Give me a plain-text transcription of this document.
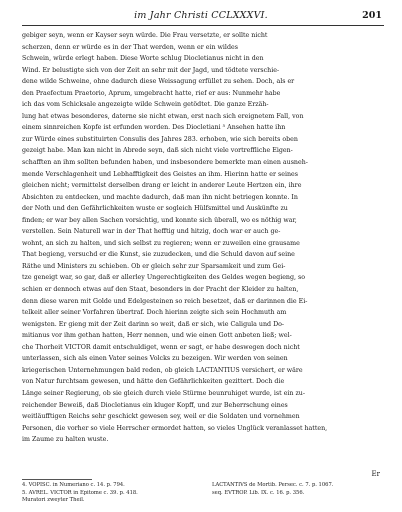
im Jahr Christi CCLXXXVI.	201
gebiger seyn, wenn er Kayser seyn würde. Die Frau versetzte, er sollte nicht
scherzen, denn er würde es in der That werden, wenn er ein wildes
Schwein, würde erlegt haben. Diese Worte schlug Diocletianus nicht in den
Wind. Er belustigte sich von der Zeit an sehr mit der Jagd, und tödtete verschie-
dene wilde Schweine, ohne dadurch diese Weissagung erfüllet zu sehen. Doch, als er
den Praefectum Praetorio, Aprum, umgebracht hatte, rief er aus: Nunmehr habe
ich das vom Schicksale angezeigte wilde Schwein getödtet. Die ganze Erzäh-
lung hat etwas besonderes, daterne sie nicht etwan, erst nach sich ereignetem Fall, von
einem sinnreichen Kopfe ist erfunden worden. Des Diocletiani ⁵ Ansehen hatte ihn
zur Würde eines substituirten Consulis des Jahres 283. erhoben, wie sich bereits oben
gezeigt habe. Man kan nicht in Abrede seyn, daß sich nicht viele vortreffliche Eigen-
schafften an ihm sollten befunden haben, und insbesondere bemerkte man einen ausneh-
mende Verschlagenheit und Lebhafftigkeit des Geistes an ihm. Hierinn hatte er seines
gleichen nicht; vermittelst derselben drang er leicht in anderer Leute Hertzen ein, ihre
Absichten zu entdecken, und machte dadurch, daß man ihn nicht betriegen konnte. In
der Noth und den Gefährlichkeiten wuste er sogleich Hülfsmittel und Auskünfte zu
finden; er war bey allen Sachen vorsichtig, und konnte sich überall, wo es nöthig war,
verstellen. Sein Naturell war in der That hefftig und hitzig, doch war er auch ge-
wohnt, an sich zu halten, und sich selbst zu regieren; wenn er zuweilen eine grausame
That begieng, versuchd er die Kunst, sie zuzudecken, und die Schuld davon auf seine
Räthe und Ministers zu schieben. Ob er gleich sehr zur Sparsamkeit und zum Gei-
tze geneigt war, so gar, daß er allerley Ungerechtigkeiten des Geldes wegen begieng, so
schien er dennoch etwas auf den Staat, besonders in der Pracht der Kleider zu halten,
denn diese waren mit Golde und Edelgesteinen so reich besetzet, daß er darinnen die Ei-
telkeit aller seiner Vorfahren übertraf. Doch hierinn zeigte sich sein Hochmuth am
wenigsten. Er gieng mit der Zeit darinn so weit, daß er sich, wie Caligula und Do-
mitianus vor ihm gethan hatten, Herr nennen, und wie einen Gott anbeten ließ; wel-
che Thorheit VICTOR damit entschuldiget, wenn er sagt, er habe deswegen doch nicht
unterlassen, sich als einen Vater seines Volcks zu bezeigen. Wir werden von seinen
kriegerischen Unternehmungen bald reden, ob gleich LACTANTIUS versichert, er wäre
von Natur furchtsam gewesen, und hätte den Gefährlichkeiten gezittert. Doch die
Länge seiner Regierung, ob sie gleich durch viele Stürme beunruhiget wurde, ist ein zu-
reichender Beweiß, daß Diocletianus ein kluger Kopff, und zur Beherrschung eines
weitläufftigen Reichs sehr geschickt gewesen sey, weil er die Soldaten und vornehmen
Personen, die vorher so viele Herrscher ermordet hatten, so vieles Unglück veranlasset hatten,
im Zaume zu halten wuste.
Er
4. VOPISC. in Numeriano c. 14. p. 794.
5. AVREL. VICTOR in Epitome c. 39. p. 418.
Muratori zweyter Theil.
LACTANTIVS de Mortib. Persec. c. 7. p. 1067.
seq. EVTROP. Lib. IX. c. 16. p. 356.
